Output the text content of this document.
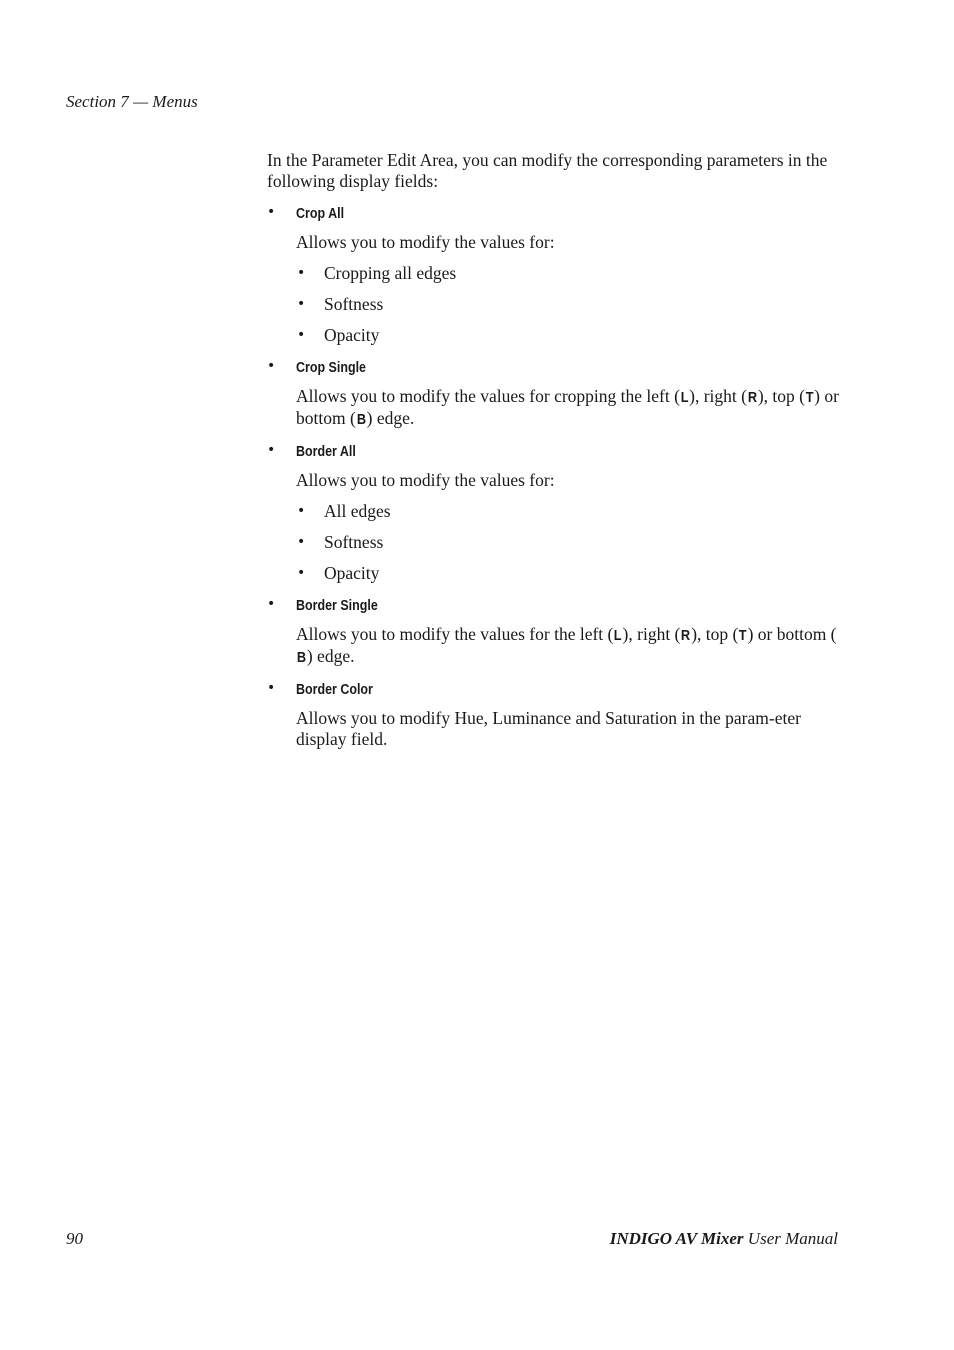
Section 7 — Menus

In the Parameter Edit Area, you can modify the corresponding parameters in the following display fields:

• Crop All

Allows you to modify the values for:

• Cropping all edges
• Softness
• Opacity
• Crop Single

Allows you to modify the values for cropping the left (L), right (R), top (T) or bottom (B) edge.

• Border All

Allows you to modify the values for:

• All edges
• Softness
• Opacity
• Border Single

Allows you to modify the values for the left (L), right (R), top (T) or bottom (B) edge.

• Border Color

Allows you to modify Hue, Luminance and Saturation in the param-eter display field.

90	INDIGO AV Mixer User Manual
